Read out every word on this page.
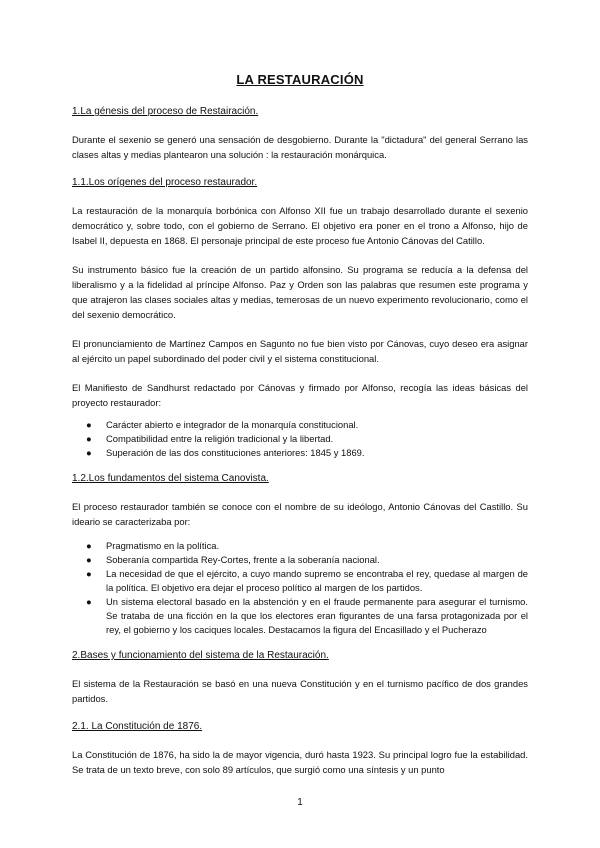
LA RESTAURACIÓN
1.La génesis del proceso de Restairación.
Durante el sexenio se generó una sensación de desgobierno. Durante la "dictadura" del general Serrano las clases altas y medias plantearon una solución : la restauración monárquica.
1.1.Los orígenes del proceso restaurador.
La restauración de la monarquía borbónica con Alfonso XII fue un trabajo desarrollado durante el sexenio democrático y, sobre todo, con el gobierno de Serrano. El objetivo era poner en el trono a Alfonso, hijo de Isabel II, depuesta en 1868. El personaje principal de este proceso fue Antonio Cánovas del Catillo.
Su instrumento básico fue la creación de un partido alfonsino. Su programa se reducía a la defensa del liberalismo y a la fidelidad al príncipe Alfonso. Paz y Orden son las palabras que resumen este programa y que atrajeron las clases sociales altas y medias, temerosas de un nuevo experimento revolucionario, como el del sexenio democrático.
El pronunciamiento de Martínez Campos en Sagunto no fue bien visto por Cánovas, cuyo deseo era asignar al ejército un papel subordinado del poder civil y el sistema constitucional.
El Manifiesto de Sandhurst redactado por Cánovas y firmado por Alfonso, recogía las ideas básicas del proyecto restaurador:
● Carácter abierto e integrador de la monarquía constitucional.
● Compatibilidad entre la religión tradicional y la libertad.
● Superación de las dos constituciones anteriores: 1845 y 1869.
1.2.Los fundamentos del sistema Canovista.
El proceso restaurador también se conoce con el nombre de su ideólogo, Antonio Cánovas del Castillo. Su ideario se caracterizaba por:
● Pragmatismo en la política.
● Soberanía compartida Rey-Cortes, frente a la soberanía nacional.
● La necesidad de que el ejército, a cuyo mando supremo se encontraba el rey, quedase al margen de la política. El objetivo era dejar el proceso político al margen de los partidos.
● Un sistema electoral basado en la abstención y en el fraude permanente para asegurar el turnismo. Se trataba de una ficción en la que los electores eran figurantes de una farsa protagonizada por el rey, el gobierno y los caciques locales. Destacamos la figura del Encasillado y el Pucherazo
2.Bases y funcionamiento del sistema de la Restauración.
El sistema de la Restauración se basó en una nueva Constitución y en el turnismo pacífico de dos grandes partidos.
2.1. La Constitución de 1876.
La Constitución de 1876, ha sido la de mayor vigencia, duró hasta 1923. Su principal logro fue la estabilidad. Se trata de un texto breve, con solo 89 artículos, que surgió como una síntesis y un punto
1
